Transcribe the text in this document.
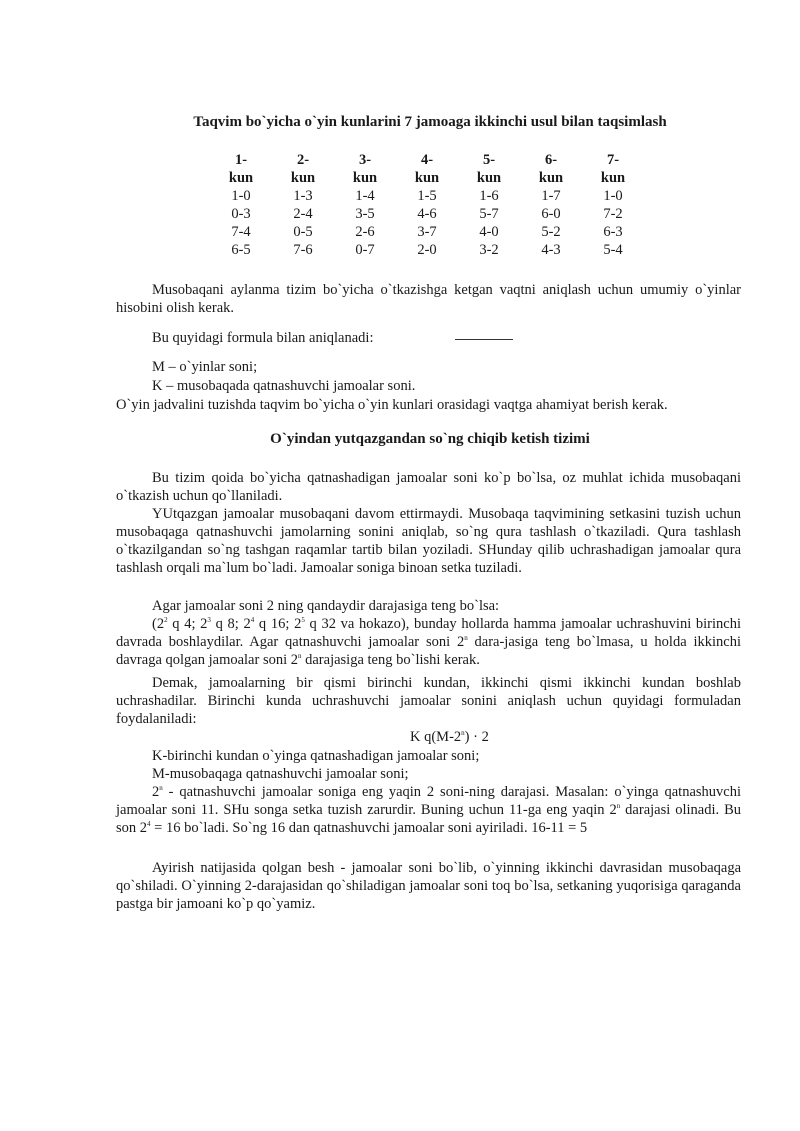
Taqvim bo`yicha o`yin kunlarini 7 jamoaga ikkinchi usul bilan taqsimlash
1-	2-	3-	4-	5-	6-	7-
kun	kun	kun	kun	kun	kun	kun
1-0	1-3	1-4	1-5	1-6	1-7	1-0
0-3	2-4	3-5	4-6	5-7	6-0	7-2
7-4	0-5	2-6	3-7	4-0	5-2	6-3
6-5	7-6	0-7	2-0	3-2	4-3	5-4
Musobaqani aylanma tizim bo`yicha o`tkazishga ketgan vaqtni aniqlash uchun umumiy o`yinlar hisobini olish kerak.
Bu quyidagi formula bilan aniqlanadi:
M – o`yinlar soni;
K – musobaqada qatnashuvchi jamoalar soni.
O`yin jadvalini tuzishda taqvim bo`yicha o`yin kunlari orasidagi vaqtga ahamiyat berish kerak.
O`yindan yutqazgandan so`ng chiqib ketish tizimi
Bu tizim qoida bo`yicha qatnashadigan jamoalar soni ko`p bo`lsa, oz muhlat ichida musobaqani o`tkazish uchun qo`llaniladi.
YUtqazgan jamoalar musobaqani davom ettirmaydi. Musobaqa taqvimining setkasini tuzish uchun musobaqaga qatnashuvchi jamolarning sonini aniqlab, so`ng qura tashlash o`tkaziladi. Qura tashlash o`tkazilgandan so`ng tashgan raqamlar tartib bilan yoziladi. SHunday qilib uchrashadigan jamoalar qura tashlash orqali ma`lum bo`ladi. Jamoalar soniga binoan setka tuziladi.
Agar jamoalar soni 2 ning qandaydir darajasiga teng bo`lsa:
($2^2$ q 4; $2^3$ q 8; $2^4$ q 16; $2^5$ q 32 va hokazo), bunday hollarda hamma jamoalar uchrashuvini birinchi davrada boshlaydilar. Agar qatnashuvchi jamoalar soni 2$^n$ dara-jasiga teng bo`lmasa, u holda ikkinchi davraga qolgan jamoalar soni 2$^n$ darajasiga teng bo`lishi kerak.
Demak, jamoalarning bir qismi birinchi kundan, ikkinchi qismi ikkinchi kundan boshlab uchrashadilar. Birinchi kunda uchrashuvchi jamoalar sonini aniqlash uchun quyidagi formuladan foydalaniladi:
K $q(M-2^n) \cdot 2$
K-birinchi kundan o`yinga qatnashadigan jamoalar soni;
M-musobaqaga qatnashuvchi jamoalar soni;
2$^n$ - qatnashuvchi jamoalar soniga eng yaqin 2 soni-ning darajasi. Masalan: o`yinga qatnashuvchi jamoalar soni 11. SHu songa setka tuzish zarurdir. Buning uchun 11-ga eng yaqin 2$^n$ darajasi olinadi. Bu son $2^4 = 16$ bo`ladi. So`ng 16 dan qatnashuvchi jamoalar soni ayiriladi. 16-11 = 5
Ayirish natijasida qolgan besh - jamoalar soni bo`lib, o`yinning ikkinchi davrasidan musobaqaga qo`shiladi. O`yinning 2-darajasidan qo`shiladigan jamoalar soni toq bo`lsa, setkaning yuqorisiga qaraganda pastga bir jamoani ko`p qo`yamiz.
